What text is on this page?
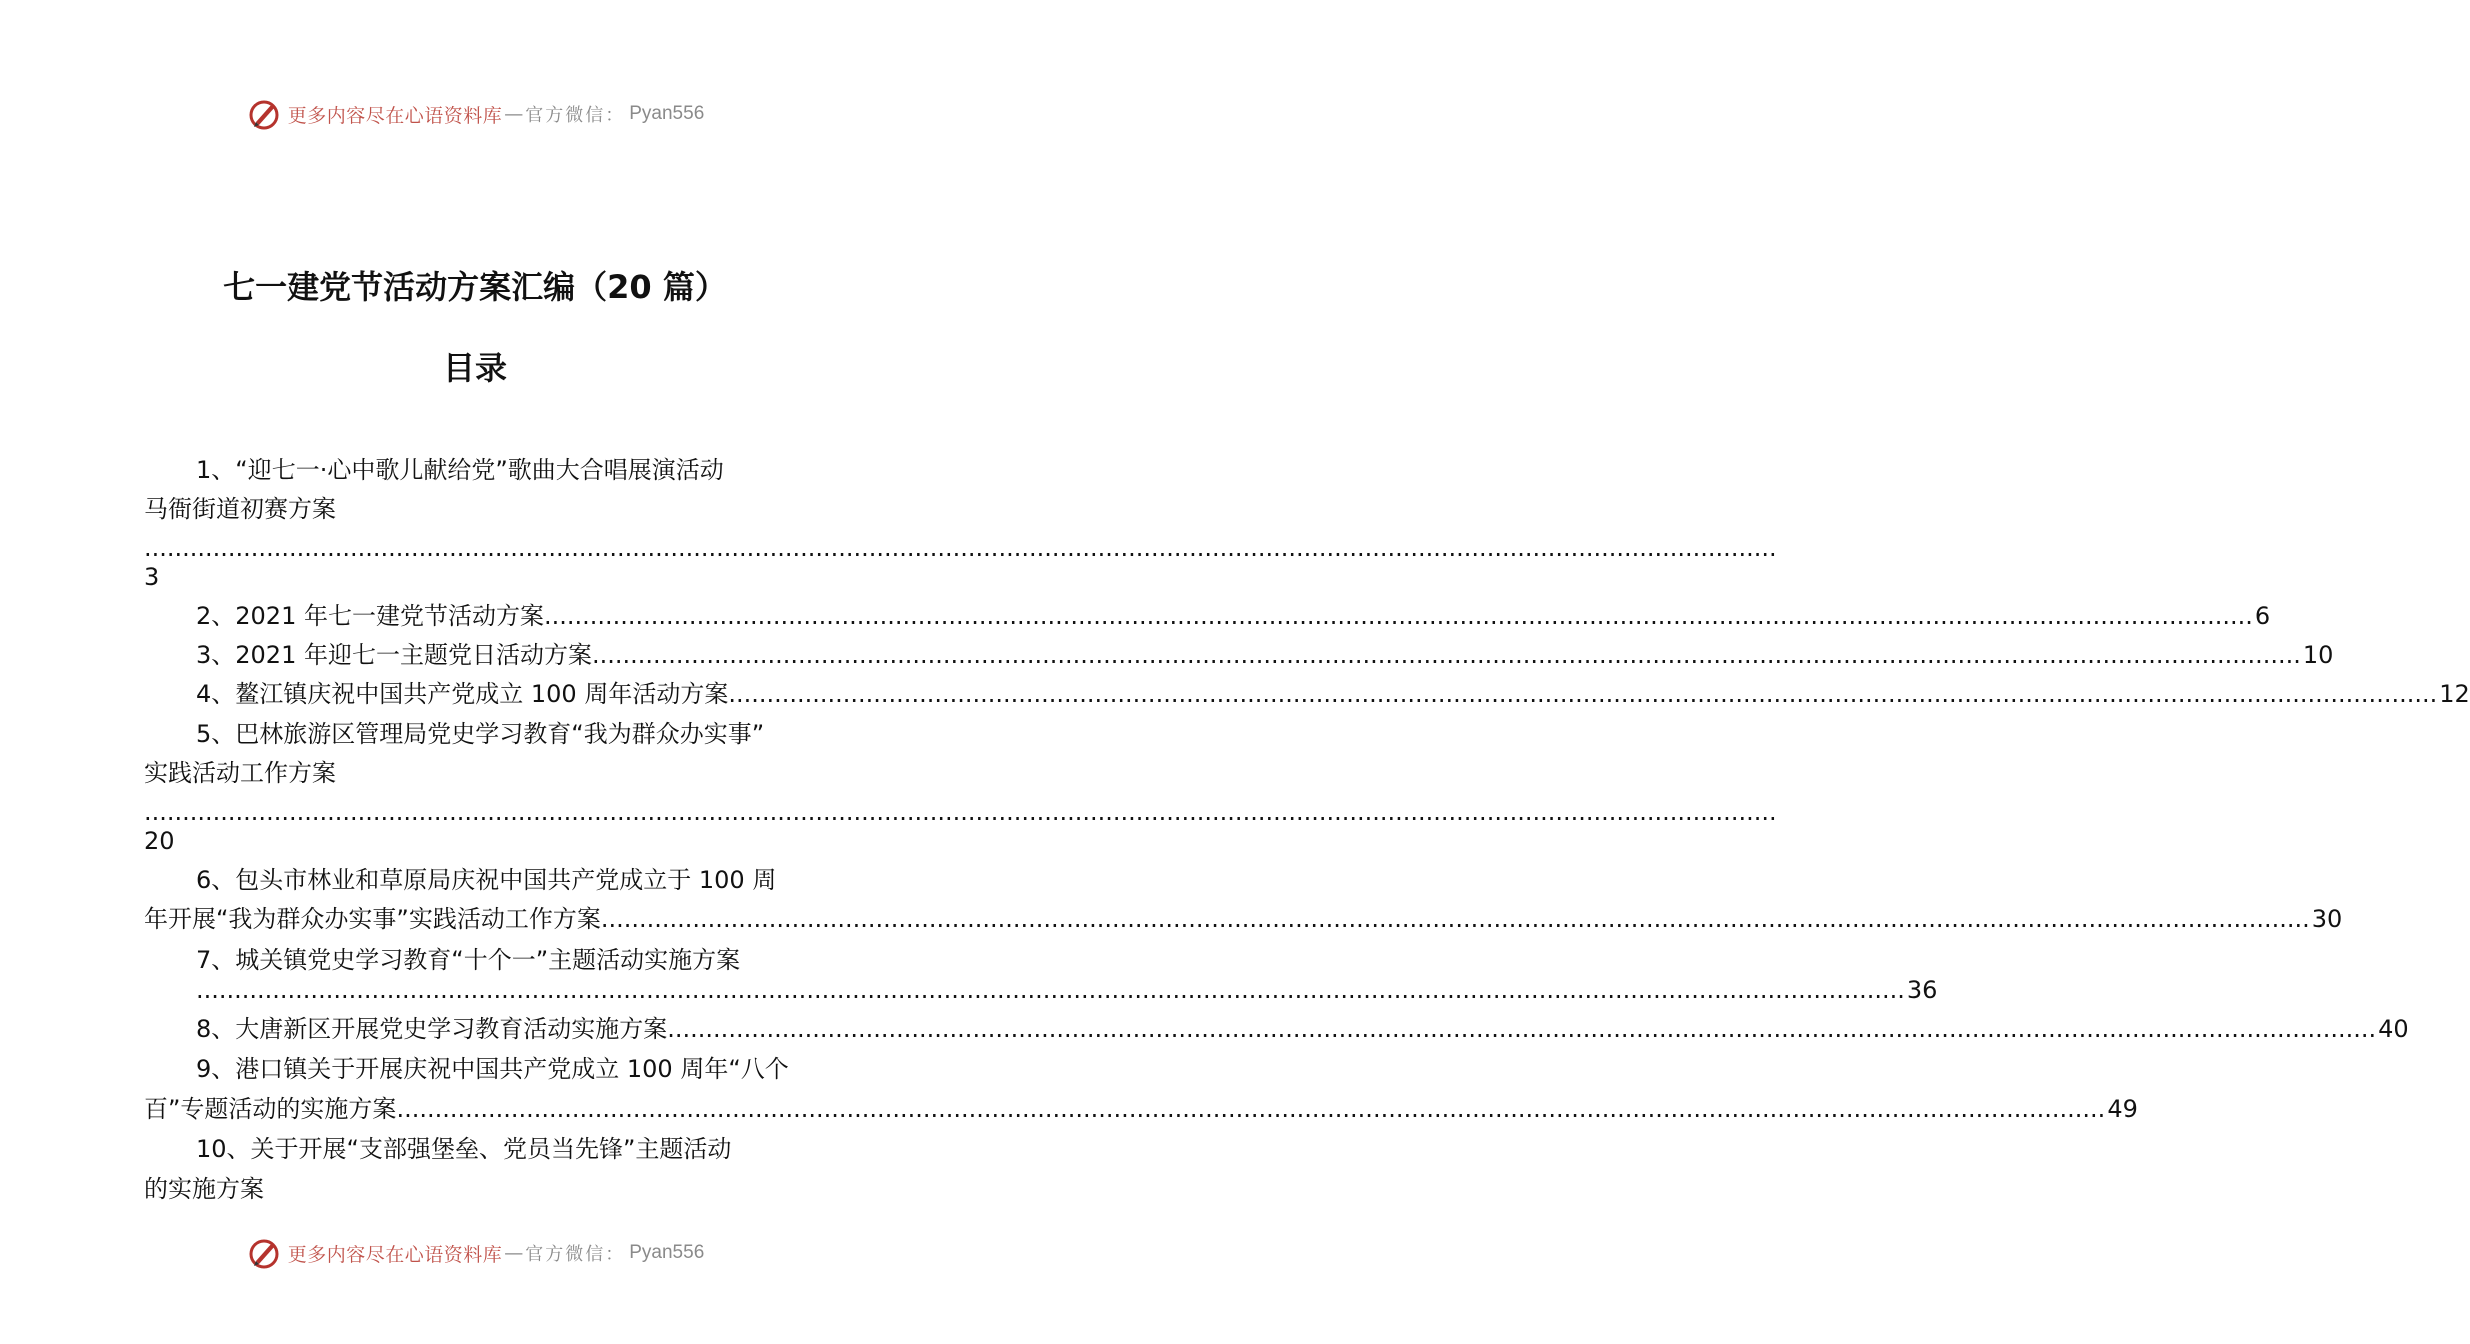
更多内容尽在心语资料库 — 官方微信： Pyan556
七一建党节活动方案汇编（20 篇）
目录
1、“迎七一·心中歌儿献给党”歌曲大合唱展演活动
马衙街道初赛方案
......................................................................................................................................................................................................................
3
2、2021 年七一建党节活动方案 .....	6
3、2021 年迎七一主题党日活动方案 .....	10
4、鳌江镇庆祝中国共产党成立 100 周年活动方案 .....	12
5、巴林旅游区管理局党史学习教育“我为群众办实事”
实践活动工作方案
......................................................................................................................................................................................................................
20
6、包头市林业和草原局庆祝中国共产党成立于 100 周
年开展“我为群众办实事”实践活动工作方案 .....	30
7、城关镇党史学习教育“十个一”主题活动实施方案
.....
36
8、大唐新区开展党史学习教育活动实施方案 .....	40
9、港口镇关于开展庆祝中国共产党成立 100 周年“八个
百”专题活动的实施方案 .....	49
10、关于开展“支部强堡垒、党员当先锋”主题活动
的实施方案
更多内容尽在心语资料库 — 官方微信： Pyan556
